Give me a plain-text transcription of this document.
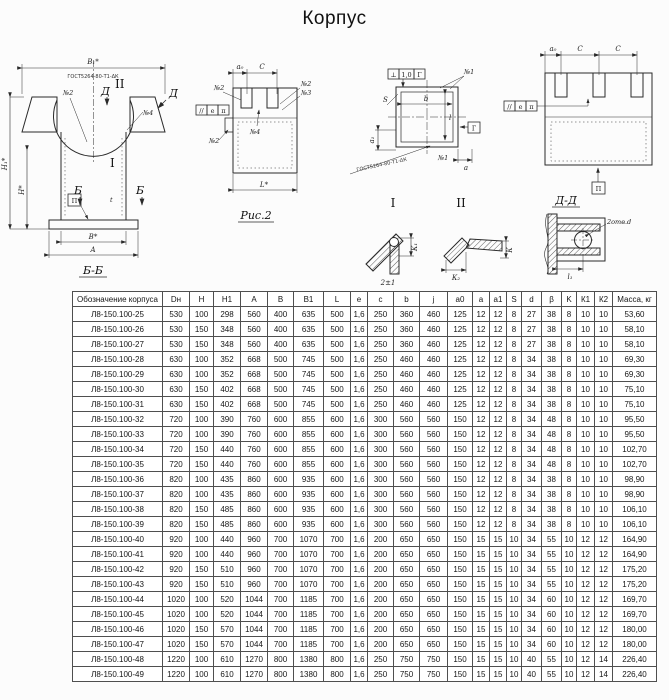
Корпус
B₁*
ГОСТ5264-80-Т1-ΔК
H₁*
H*	Б	Б
B*
A
Б-Б
№2
№4
Д
II
Д
I
t
П
а₀ C
L*
Рис.2
№2	№2
№3
№4
№2
// е п
⊥ 1,0 Г
b
l
S
Г
а₁
a
№1
№1
ГОСТ5264-80-Т1-ΔК
а₀	C	C
// е п
П
I
К₁
2±1
II
К₂
К
Д-Д
2отв.d
l₁
Обозначение корпуса	Dн	H	H1	A	B	B1	L	e	c	b	j	a0	a	a1	S	d	β	K	К1	К2	Масса, кг
Л8-150.100-25	530	100	298	560	400	635	500	1,6	250	360	460	125	12	12	8	27	38	8	10	10	53,60
Л8-150.100-26	530	150	348	560	400	635	500	1,6	250	360	460	125	12	12	8	27	38	8	10	10	58,10
Л8-150.100-27	530	150	348	560	400	635	500	1,6	250	360	460	125	12	12	8	27	38	8	10	10	58,10
Л8-150.100-28	630	100	352	668	500	745	500	1,6	250	460	460	125	12	12	8	34	38	8	10	10	69,30
Л8-150.100-29	630	100	352	668	500	745	500	1,6	250	460	460	125	12	12	8	34	38	8	10	10	69,30
Л8-150.100-30	630	150	402	668	500	745	500	1,6	250	460	460	125	12	12	8	34	38	8	10	10	75,10
Л8-150.100-31	630	150	402	668	500	745	500	1,6	250	460	460	125	12	12	8	34	38	8	10	10	75,10
Л8-150.100-32	720	100	390	760	600	855	600	1,6	300	560	560	150	12	12	8	34	48	8	10	10	95,50
Л8-150.100-33	720	100	390	760	600	855	600	1,6	300	560	560	150	12	12	8	34	48	8	10	10	95,50
Л8-150.100-34	720	150	440	760	600	855	600	1,6	300	560	560	150	12	12	8	34	48	8	10	10	102,70
Л8-150.100-35	720	150	440	760	600	855	600	1,6	300	560	560	150	12	12	8	34	48	8	10	10	102,70
Л8-150.100-36	820	100	435	860	600	935	600	1,6	300	560	560	150	12	12	8	34	38	8	10	10	98,90
Л8-150.100-37	820	100	435	860	600	935	600	1,6	300	560	560	150	12	12	8	34	38	8	10	10	98,90
Л8-150.100-38	820	150	485	860	600	935	600	1,6	300	560	560	150	12	12	8	34	38	8	10	10	106,10
Л8-150.100-39	820	150	485	860	600	935	600	1,6	300	560	560	150	12	12	8	34	38	8	10	10	106,10
Л8-150.100-40	920	100	440	960	700	1070	700	1,6	200	650	650	150	15	15	10	34	55	10	12	12	164,90
Л8-150.100-41	920	100	440	960	700	1070	700	1,6	200	650	650	150	15	15	10	34	55	10	12	12	164,90
Л8-150.100-42	920	150	510	960	700	1070	700	1,6	200	650	650	150	15	15	10	34	55	10	12	12	175,20
Л8-150.100-43	920	150	510	960	700	1070	700	1,6	200	650	650	150	15	15	10	34	55	10	12	12	175,20
Л8-150.100-44	1020	100	520	1044	700	1185	700	1,6	200	650	650	150	15	15	10	34	60	10	12	12	169,70
Л8-150.100-45	1020	100	520	1044	700	1185	700	1,6	200	650	650	150	15	15	10	34	60	10	12	12	169,70
Л8-150.100-46	1020	150	570	1044	700	1185	700	1,6	200	650	650	150	15	15	10	34	60	10	12	12	180,00
Л8-150.100-47	1020	150	570	1044	700	1185	700	1,6	200	650	650	150	15	15	10	34	60	10	12	12	180,00
Л8-150.100-48	1220	100	610	1270	800	1380	800	1,6	250	750	750	150	15	15	10	40	55	10	12	14	226,40
Л8-150.100-49	1220	100	610	1270	800	1380	800	1,6	250	750	750	150	15	15	10	40	55	10	12	14	226,40
